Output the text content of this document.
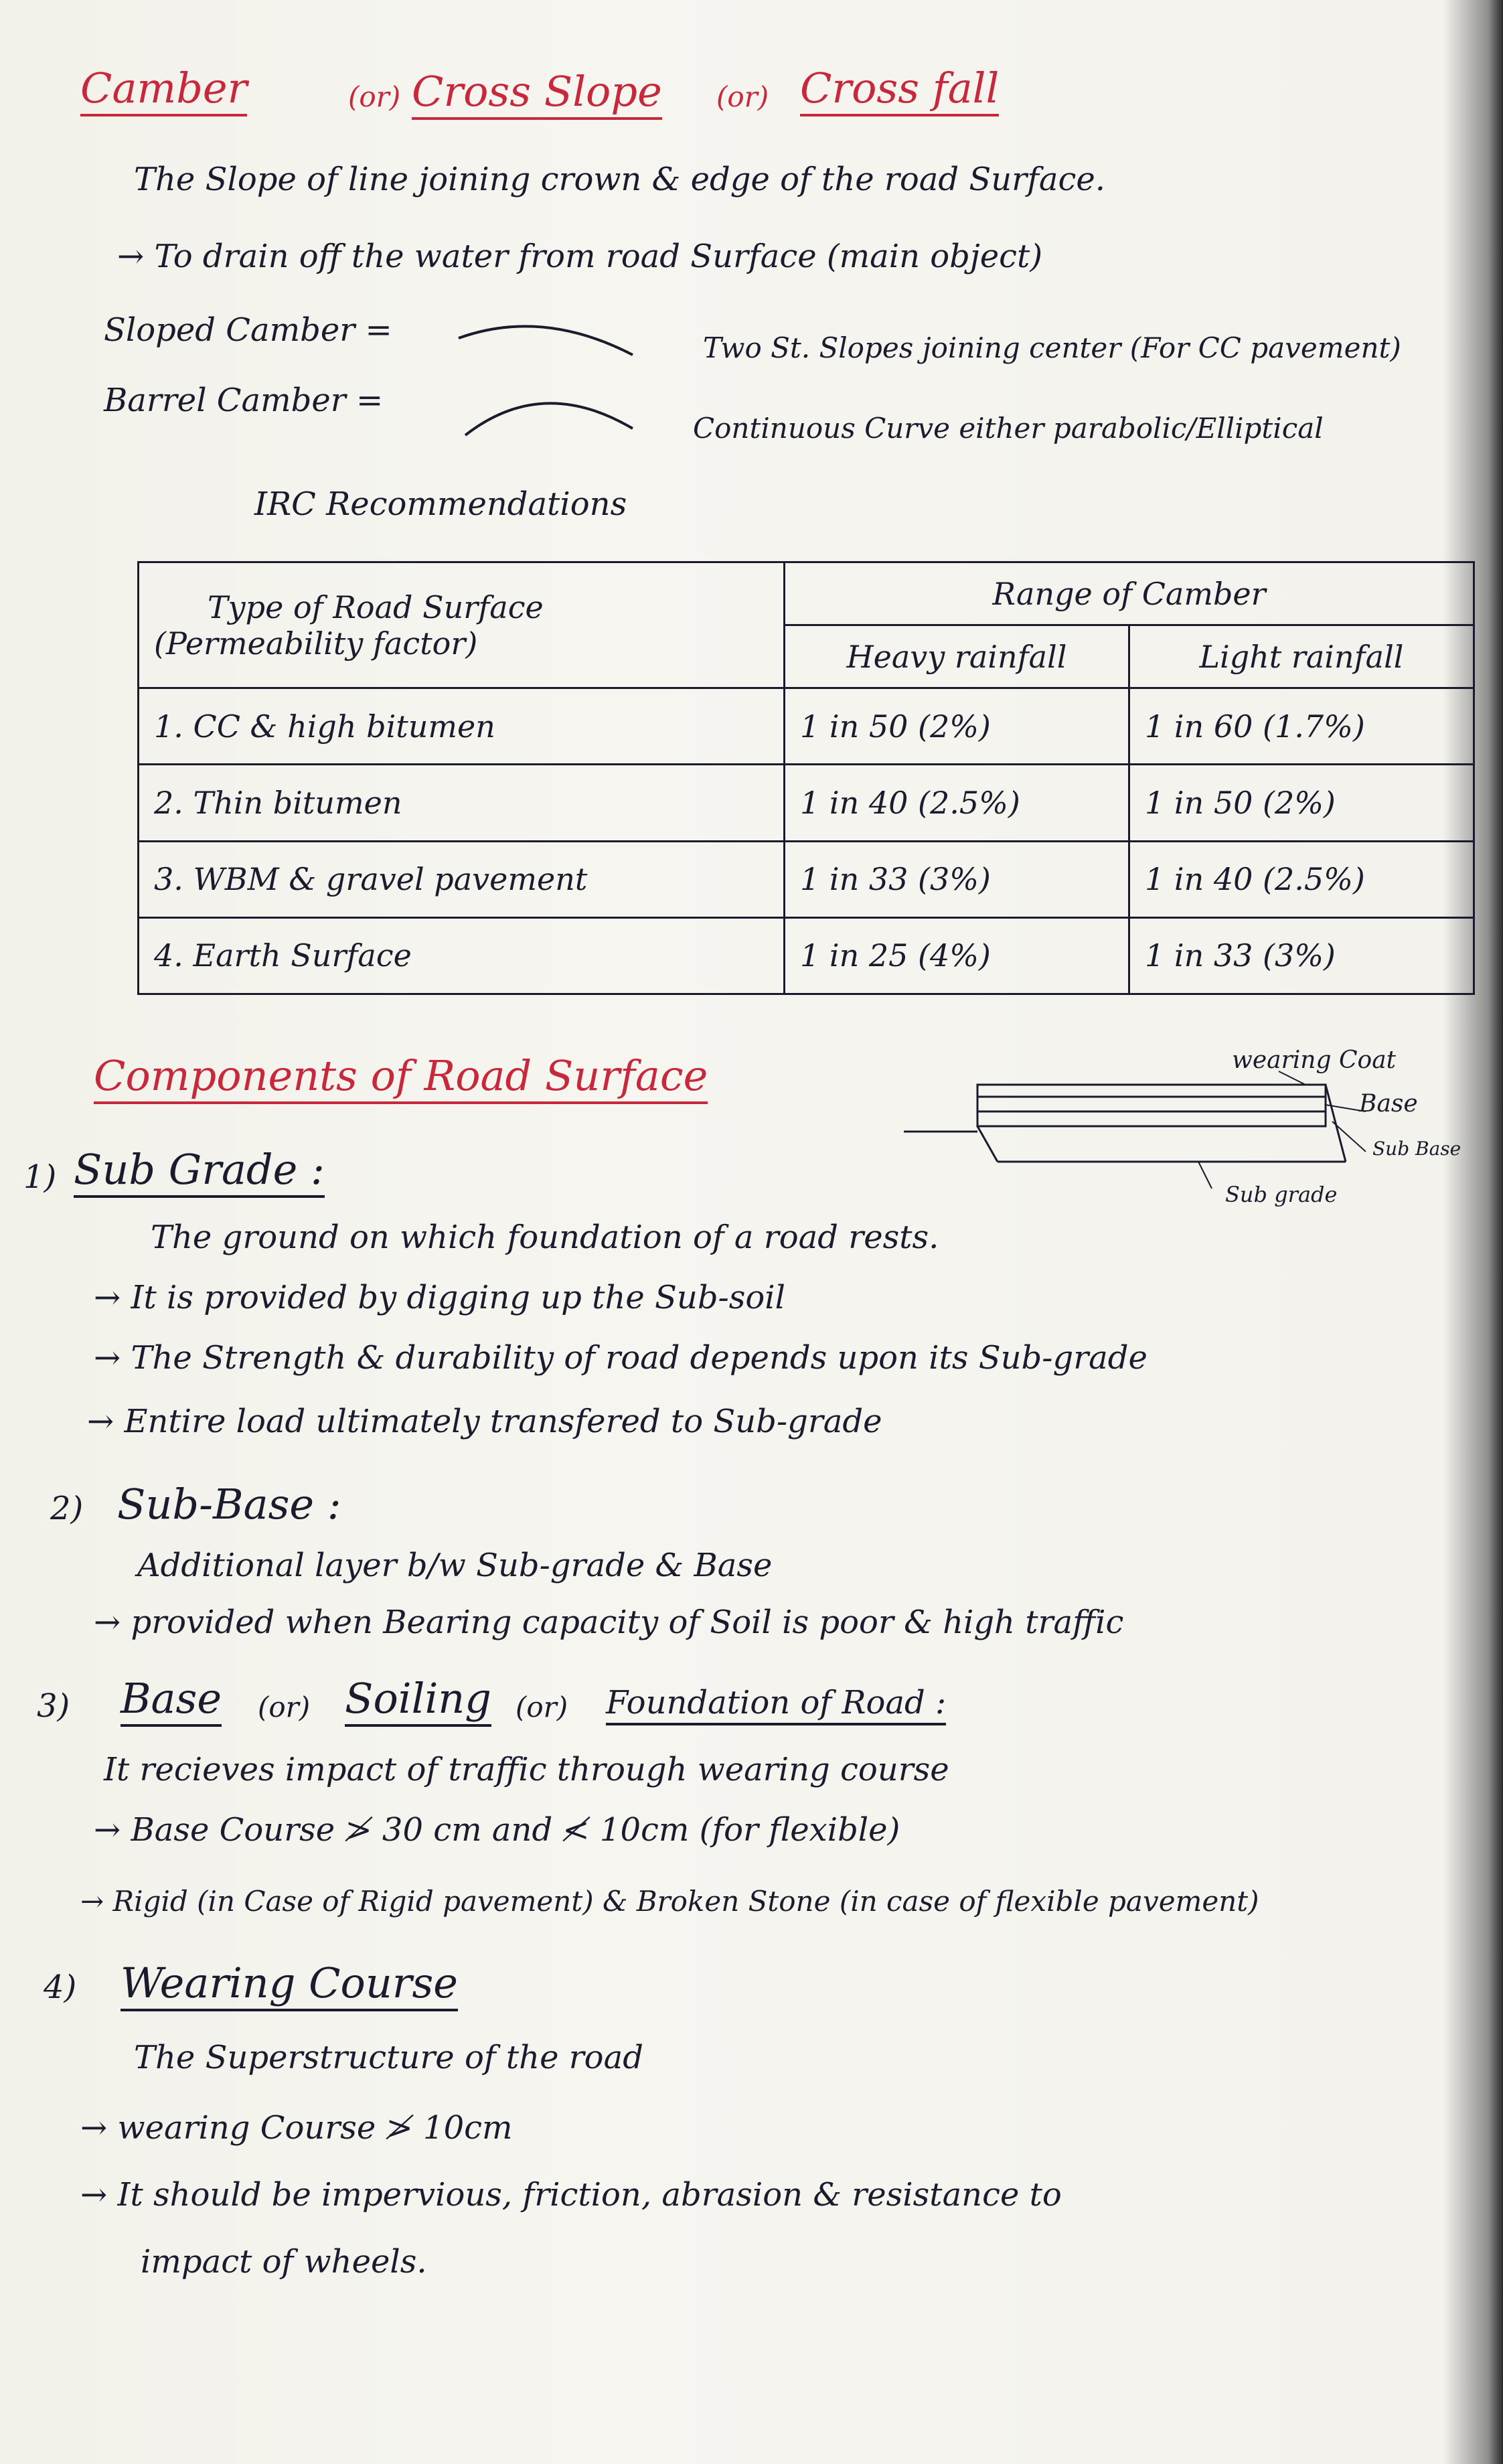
Camber	(or) Cross Slope (or) Cross fall
The Slope of line joining crown & edge of the road Surface.
→ To drain off the water from road Surface (main object)
Sloped Camber =	Two St. Slopes joining center (For CC pavement)
Barrel Camber =
Continuous Curve either parabolic/Elliptical
IRC Recommendations
Type of Road Surface
(Permeability factor)	Range of Camber	
	Heavy rainfall	Light rainfall
1. CC & high bitumen	1 in 50 (2%)	1 in 60 (1.7%)
2. Thin bitumen	1 in 40 (2.5%)	1 in 50 (2%)
3. WBM & gravel pavement	1 in 33 (3%)	1 in 40 (2.5%)
4. Earth Surface	1 in 25 (4%)	1 in 33 (3%)
Components of Road Surface	wearing Coat
Base
Sub Base
Sub grade
1) Sub Grade :
The ground on which foundation of a road rests.
→ It is provided by digging up the Sub-soil
→ The Strength & durability of road depends upon its Sub-grade
→ Entire load ultimately transfered to Sub-grade
2) Sub-Base :
Additional layer b/w Sub-grade & Base
→ provided when Bearing capacity of Soil is poor & high traffic
3) Base (or) Soiling (or) Foundation of Road :
It recieves impact of traffic through wearing course
→ Base Course ≯ 30 cm and ≮ 10cm (for flexible)
→ Rigid (in Case of Rigid pavement) & Broken Stone (in case of flexible pavement)
4) Wearing Course
The Superstructure of the road
→ wearing Course ≯ 10cm
→ It should be impervious, friction, abrasion & resistance to
impact of wheels.
